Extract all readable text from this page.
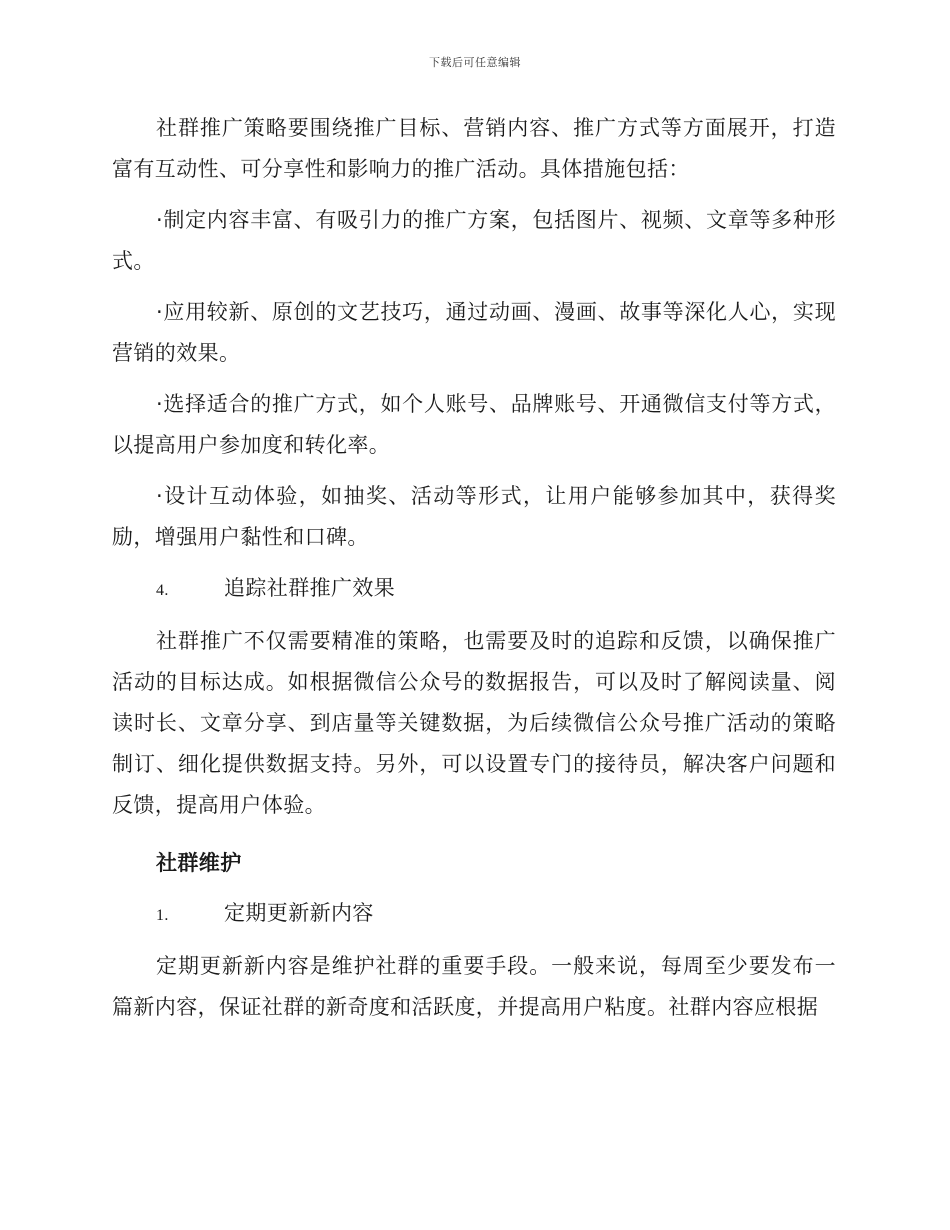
下载后可任意编辑

社群推广策略要围绕推广目标、营销内容、推广方式等方面展开，打造富有互动性、可分享性和影响力的推广活动。具体措施包括：

·制定内容丰富、有吸引力的推广方案，包括图片、视频、文章等多种形式。

·应用较新、原创的文艺技巧，通过动画、漫画、故事等深化人心，实现营销的效果。

·选择适合的推广方式，如个人账号、品牌账号、开通微信支付等方式，以提高用户参加度和转化率。

·设计互动体验，如抽奖、活动等形式，让用户能够参加其中，获得奖励，增强用户黏性和口碑。

4.	追踪社群推广效果

社群推广不仅需要精准的策略，也需要及时的追踪和反馈，以确保推广活动的目标达成。如根据微信公众号的数据报告，可以及时了解阅读量、阅读时长、文章分享、到店量等关键数据，为后续微信公众号推广活动的策略制订、细化提供数据支持。另外，可以设置专门的接待员，解决客户问题和反馈，提高用户体验。

社群维护
1.	定期更新新内容

定期更新新内容是维护社群的重要手段。一般来说，每周至少要发布一篇新内容，保证社群的新奇度和活跃度，并提高用户粘度。社群内容应根据
